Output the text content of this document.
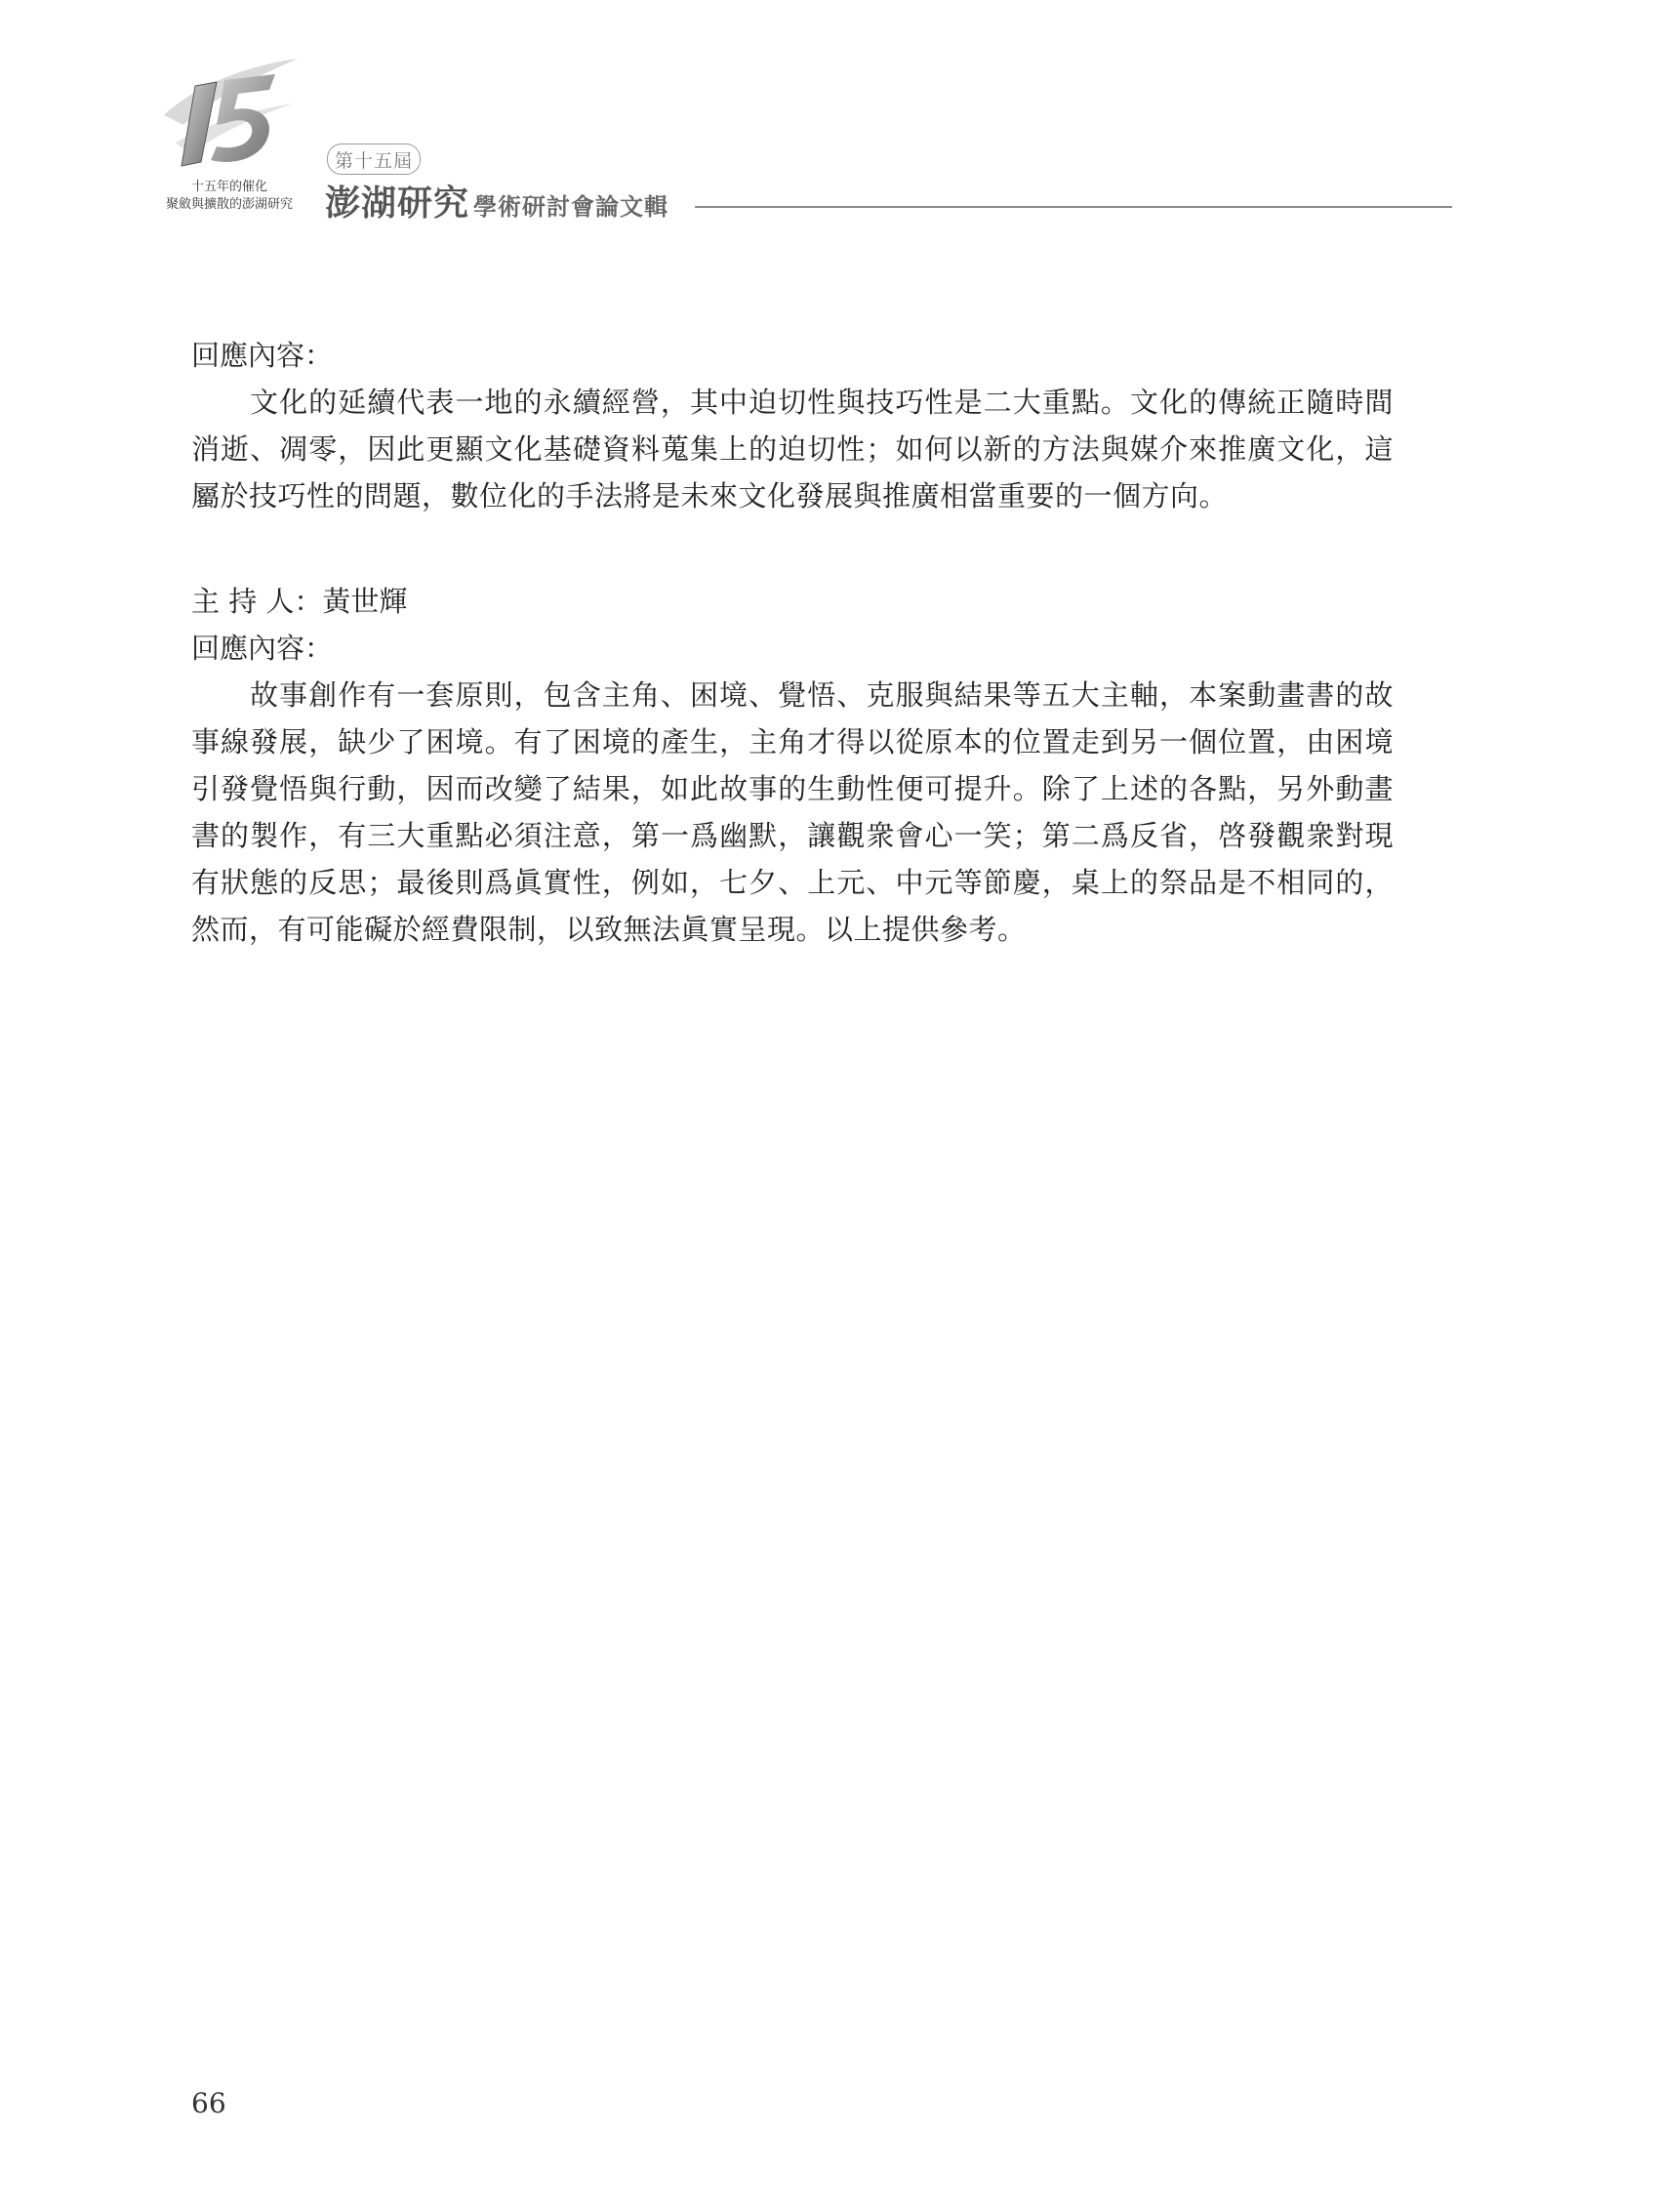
十五年的催化
聚斂與擴散的澎湖研究
第十五屆
澎湖研究 學術研討會論文輯

回應內容：

文化的延續代表一地的永續經營，其中迫切性與技巧性是二大重點。文化的傳統正隨時間消逝、凋零，因此更顯文化基礎資料蒐集上的迫切性；如何以新的方法與媒介來推廣文化，這屬於技巧性的問題，數位化的手法將是未來文化發展與推廣相當重要的一個方向。

主 持 人：黃世輝

回應內容：

故事創作有一套原則，包含主角、困境、覺悟、克服與結果等五大主軸，本案動畫書的故事線發展，缺少了困境。有了困境的產生，主角才得以從原本的位置走到另一個位置，由困境引發覺悟與行動，因而改變了結果，如此故事的生動性便可提升。除了上述的各點，另外動畫書的製作，有三大重點必須注意，第一爲幽默，讓觀衆會心一笑；第二爲反省，啓發觀衆對現有狀態的反思；最後則爲眞實性，例如，七夕、上元、中元等節慶，桌上的祭品是不相同的，然而，有可能礙於經費限制，以致無法眞實呈現。以上提供參考。

66
